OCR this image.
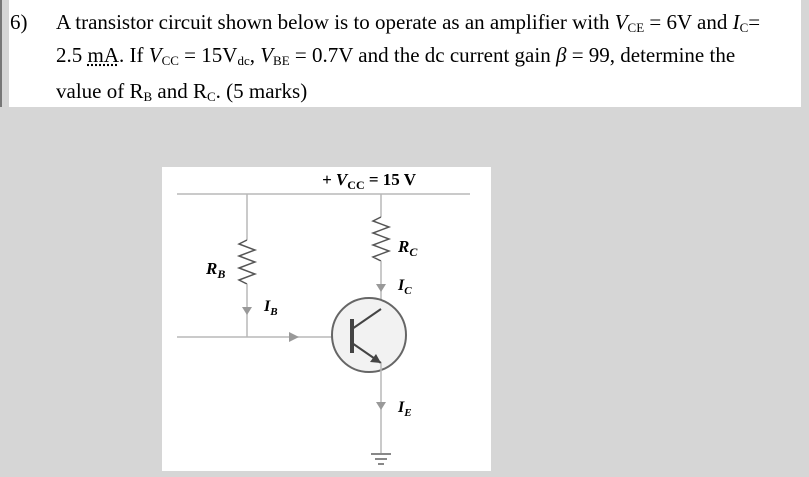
6) A transistor circuit shown below is to operate as an amplifier with $V_{CE} = 6V$ and $I_C=$
2.5 mA. If $V_{CC} = 15V_{dc}$, $V_{BE} = 0.7V$ and the dc current gain β = 99, determine the
value of $R_B$ and $R_C$. (5 marks)
+ $V_{CC} = 15$ V
$R_B$
$I_B$
$R_C$
$I_C$
$I_E$
